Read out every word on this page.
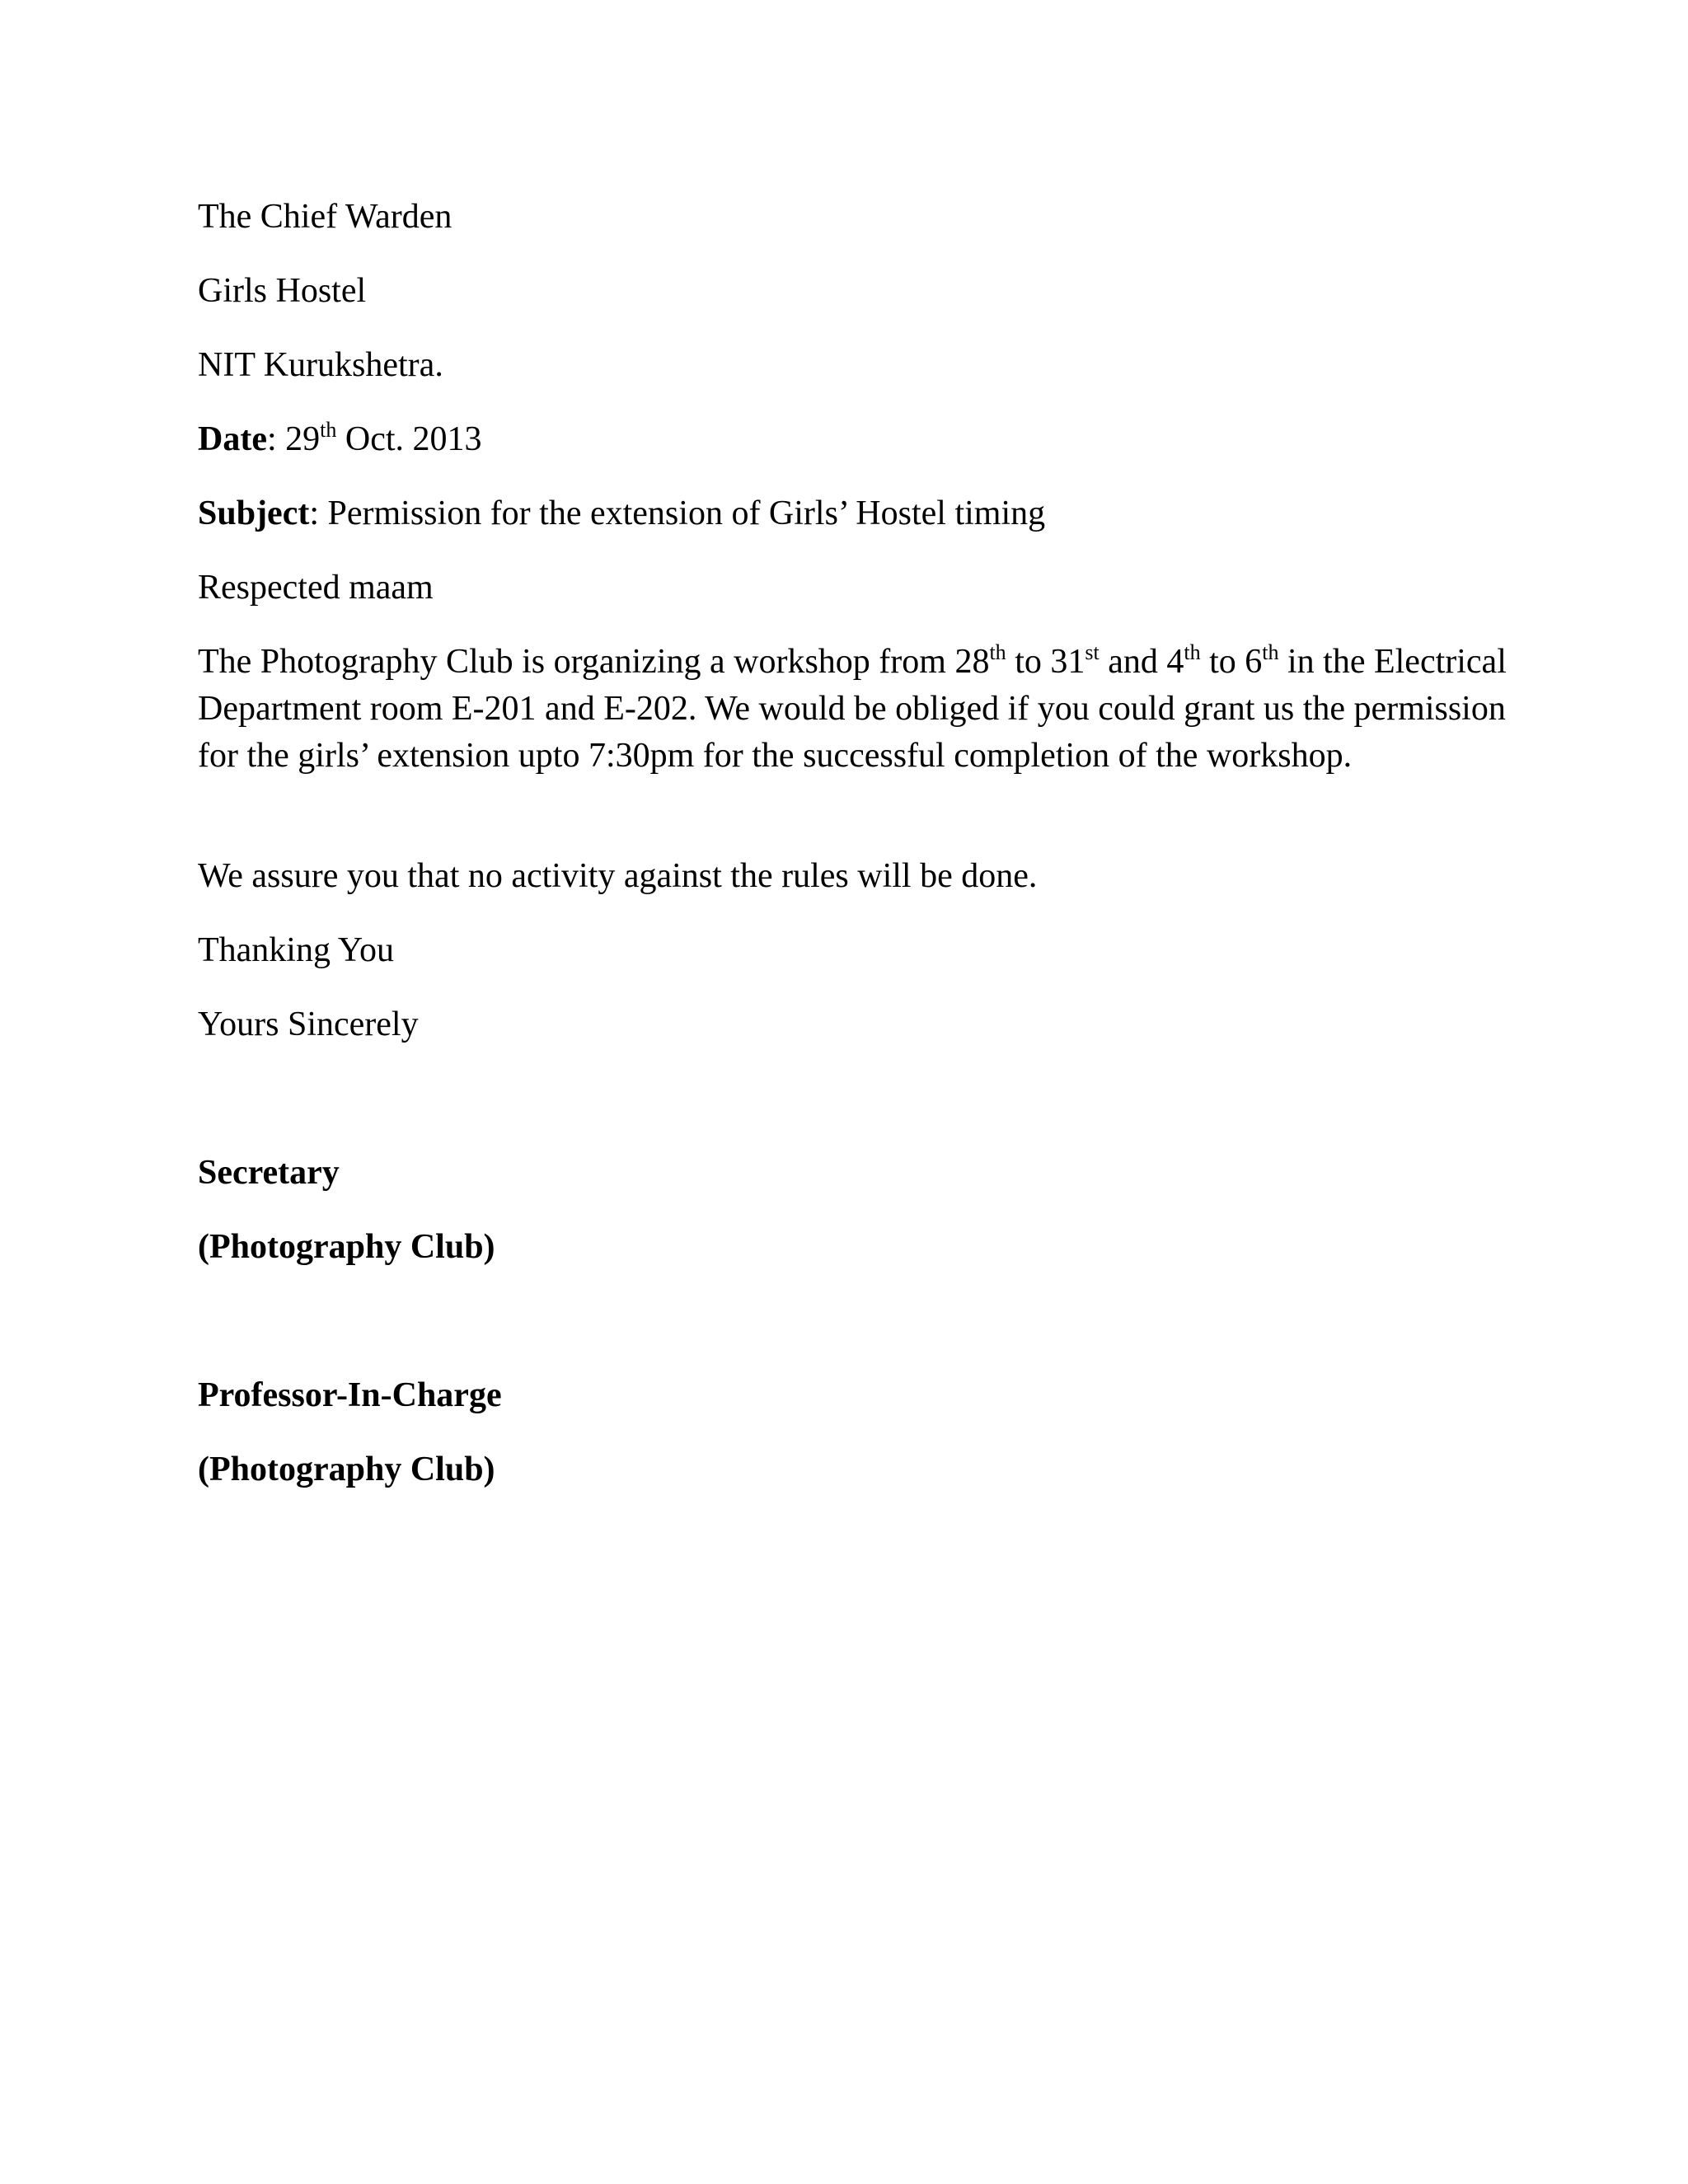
The Chief Warden
Girls Hostel
NIT Kurukshetra.
Date: 29th Oct. 2013
Subject: Permission for the extension of Girls’ Hostel timing
Respected maam
The Photography Club is organizing a workshop from 28th to 31st and 4th to 6th in the Electrical Department room E-201 and E-202. We would be obliged if you could grant us the permission for the girls’ extension upto 7:30pm for the successful completion of the workshop.
We assure you that no activity against the rules will be done.
Thanking You
Yours Sincerely
Secretary
(Photography Club)
Professor-In-Charge
(Photography Club)
